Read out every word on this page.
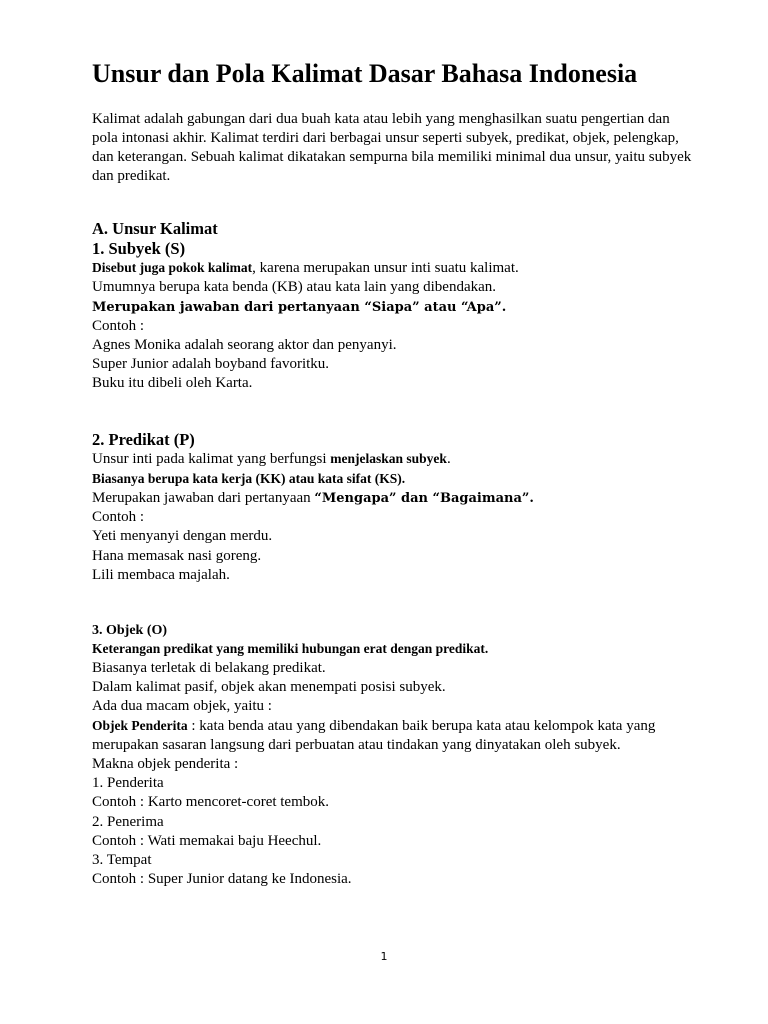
Unsur dan Pola Kalimat Dasar Bahasa Indonesia
Kalimat adalah gabungan dari dua buah kata atau lebih yang menghasilkan suatu pengertian dan pola intonasi akhir. Kalimat terdiri dari berbagai unsur seperti subyek, predikat, objek, pelengkap, dan keterangan. Sebuah kalimat dikatakan sempurna bila memiliki minimal dua unsur, yaitu subyek dan predikat.
A. Unsur Kalimat
1. Subyek (S)
Disebut juga pokok kalimat, karena merupakan unsur inti suatu kalimat.
Umumnya berupa kata benda (KB) atau kata lain yang dibendakan.
Merupakan jawaban dari pertanyaan “Siapa” atau “Apa”.
Contoh :
Agnes Monika adalah seorang aktor dan penyanyi.
Super Junior adalah boyband favoritku.
Buku itu dibeli oleh Karta.
2. Predikat (P)
Unsur inti pada kalimat yang berfungsi menjelaskan subyek.
Biasanya berupa kata kerja (KK) atau kata sifat (KS).
Merupakan jawaban dari pertanyaan “Mengapa” dan “Bagaimana”.
Contoh :
Yeti menyanyi dengan merdu.
Hana memasak nasi goreng.
Lili membaca majalah.
3. Objek (O)
Keterangan predikat yang memiliki hubungan erat dengan predikat.
Biasanya terletak di belakang predikat.
Dalam kalimat pasif, objek akan menempati posisi subyek.
Ada dua macam objek, yaitu :
Objek Penderita : kata benda atau yang dibendakan baik berupa kata atau kelompok kata yang merupakan sasaran langsung dari perbuatan atau tindakan yang dinyatakan oleh subyek.
Makna objek penderita :
1. Penderita
Contoh : Karto mencoret-coret tembok.
2. Penerima
Contoh : Wati memakai baju Heechul.
3. Tempat
Contoh : Super Junior datang ke Indonesia.
1
